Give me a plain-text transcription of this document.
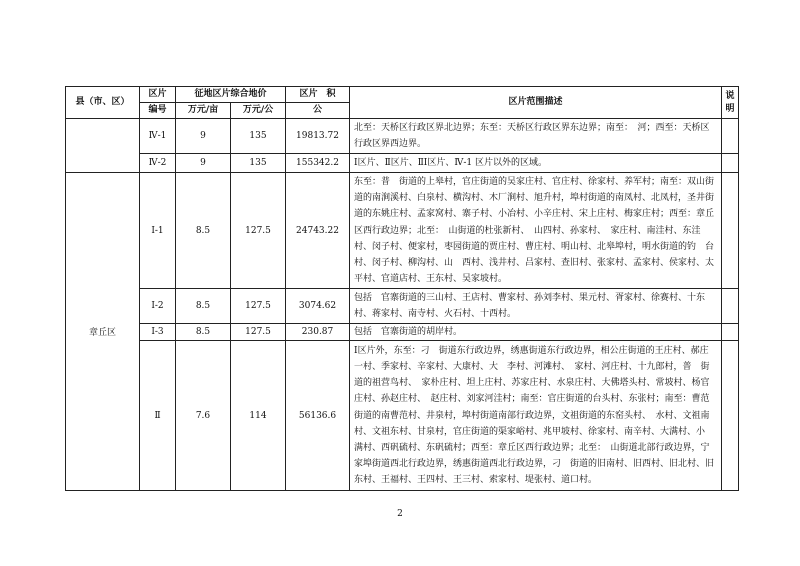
县（市、区）	区片	征地区片综合地价		区片　积	区片范围描述	说明
	编号	万元/亩	万元/公	公		
	Ⅳ-1	9	135	19813.72	北至：天桥区行政区界北边界；东至：天桥区行政区界东边界；南至：　河；西至：天桥区行政区界西边界。	
	Ⅳ-2	9	135	155342.2	Ⅰ区片、Ⅱ区片、ⅡⅠ区片、Ⅳ-1 区片以外的区域。	
章丘区	Ⅰ-1	8.5	127.5	24743.22	东至：普　街道的上皋村，官庄街道的吴家庄村、官庄村、徐家村、养军村；南至：双山街道的南涧溪村、白泉村、横沟村、木厂涧村、旭升村，埠村街道的南凤村、北凤村，圣井街道的东姚庄村、孟家窝村、寨子村、小冶村、小辛庄村、宋上庄村、梅家庄村；西至：章丘区西行政边界；北至：　山街道的杜张新村、　山四村、孙家村、　家庄村、南洼村、东洼村、闵子村、便家村，枣园街道的贾庄村、曹庄村、明山村、北皋埠村，明水街道的钓　台村、闵子村、柳沟村、山　西村、浅井村、吕家村、查旧村、张家村、孟家村、侯家村、太平村、官道店村、王东村、吴家坡村。	
	Ⅰ-2	8.5	127.5	3074.62	包括　官寨街道的三山村、王店村、曹家村、孙刘李村、果元村、胥家村、徐赛村、十东村、蒋家村、南寺村、火石村、十西村。	
	Ⅰ-3	8.5	127.5	230.87	包括　官寨街道的胡岸村。	
	Ⅱ	7.6	114	56136.6	Ⅰ区片外，东至：刁　街道东行政边界，绣惠街道东行政边界，相公庄街道的王庄村、郝庄一村、季家村、辛家村、大康村、大　李村、河滩村、　家村、河庄村、十九郎村，普　街道的祖营鸟村、　家朴庄村、坦上庄村、苏家庄村、水泉庄村、大佛塔头村、常坡村、杨官庄村、孙赵庄村、　赵庄村、刘家河洼村；南至：官庄街道的台头村、东张村；南至：曹范街道的南曹范村、井泉村，埠村街道南部行政边界，文祖街道的东窑头村、　水村、文祖南村、文祖东村、甘泉村，官庄街道的渠家峪村、兆甲坡村、徐家村、南辛村、大满村、小　满村、西矾硫村、东矾硫村；西至：章丘区西行政边界；北至：　山街道北部行政边界，宁家埠街道西北行政边界，绣惠街道西北行政边界，刁　街道的旧南村、旧西村、旧北村、旧东村、王福村、王四村、王三村、索家村、堤张村、道口村。	
2
